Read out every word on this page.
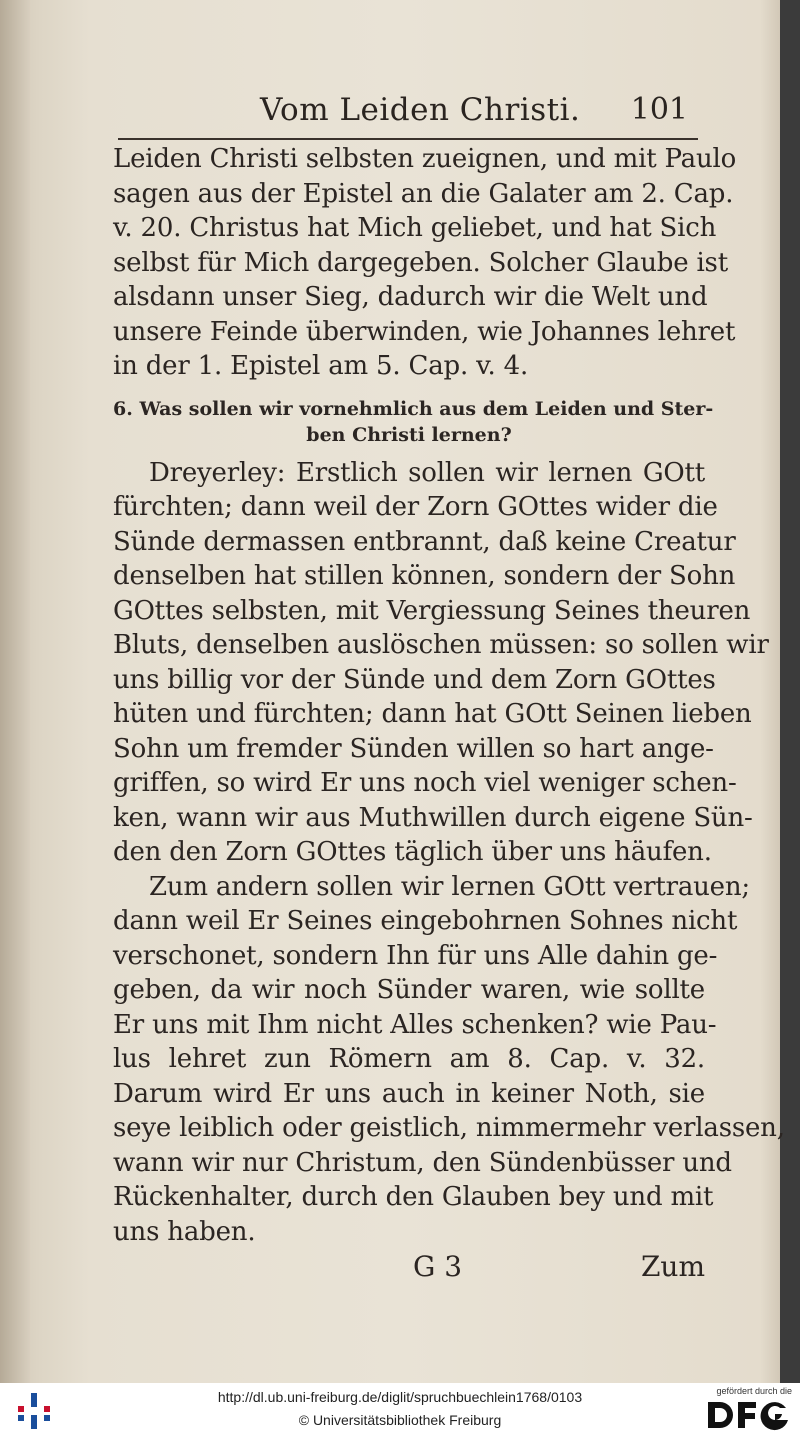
Vom Leiden Christi. 101
Leiden Christi selbsten zueignen, und mit Paulo
sagen aus der Epistel an die Galater am 2. Cap.
v. 20. Christus hat Mich geliebet, und hat Sich
selbst für Mich dargegeben. Solcher Glaube ist
alsdann unser Sieg, dadurch wir die Welt und
unsere Feinde überwinden, wie Johannes lehret
in der 1. Epistel am 5. Cap. v. 4.
6. Was sollen wir vornehmlich aus dem Leiden und Ster-
ben Christi lernen?
Dreyerley: Erstlich sollen wir lernen GOtt
fürchten; dann weil der Zorn GOttes wider die
Sünde dermassen entbrannt, daß keine Creatur
denselben hat stillen können, sondern der Sohn
GOttes selbsten, mit Vergiessung Seines theuren
Bluts, denselben auslöschen müssen: so sollen wir
uns billig vor der Sünde und dem Zorn GOttes
hüten und fürchten; dann hat GOtt Seinen lieben
Sohn um fremder Sünden willen so hart ange-
griffen, so wird Er uns noch viel weniger schen-
ken, wann wir aus Muthwillen durch eigene Sün-
den den Zorn GOttes täglich über uns häufen.
Zum andern sollen wir lernen GOtt vertrauen;
dann weil Er Seines eingebohrnen Sohnes nicht
verschonet, sondern Ihn für uns Alle dahin ge-
geben, da wir noch Sünder waren, wie sollte
Er uns mit Ihm nicht Alles schenken? wie Pau-
lus lehret zun Römern am 8. Cap. v. 32.
Darum wird Er uns auch in keiner Noth, sie
seye leiblich oder geistlich, nimmermehr verlassen,
wann wir nur Christum, den Sündenbüsser und
Rückenhalter, durch den Glauben bey und mit
uns haben.
G 3	Zum
http://dl.ub.uni-freiburg.de/diglit/spruchbuechlein1768/0103
© Universitätsbibliothek Freiburg
gefördert durch die
